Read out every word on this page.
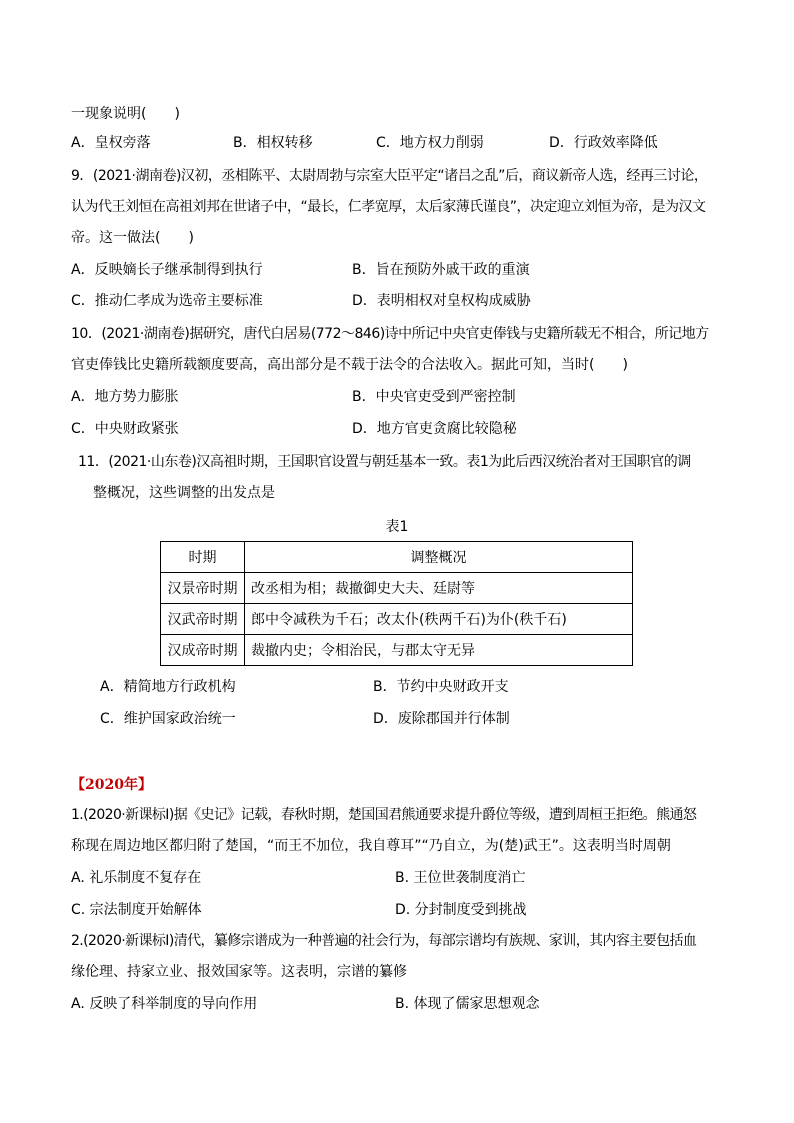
一现象说明(　　)
A．皇权旁落	B．相权转移	C．地方权力削弱	D．行政效率降低
9．(2021·湖南卷)汉初，丞相陈平、太尉周勃与宗室大臣平定“诸吕之乱”后，商议新帝人选，经再三讨论，
认为代王刘恒在高祖刘邦在世诸子中，“最长，仁孝宽厚，太后家薄氏谨良”，决定迎立刘恒为帝，是为汉文
帝。这一做法(　　)
A．反映嫡长子继承制得到执行	B．旨在预防外戚干政的重演
C．推动仁孝成为选帝主要标准	D．表明相权对皇权构成威胁
10．(2021·湖南卷)据研究，唐代白居易(772～846)诗中所记中央官吏俸钱与史籍所载无不相合，所记地方
官吏俸钱比史籍所载额度要高，高出部分是不载于法令的合法收入。据此可知，当时(　　)
A．地方势力膨胀	B．中央官吏受到严密控制
C．中央财政紧张	D．地方官吏贪腐比较隐秘
11．(2021·山东卷)汉高祖时期，王国职官设置与朝廷基本一致。表1为此后西汉统治者对王国职官的调
整概况，这些调整的出发点是
表1
时期	调整概况
汉景帝时期	改丞相为相；裁撤御史大夫、廷尉等
汉武帝时期	郎中令减秩为千石；改太仆(秩两千石)为仆(秩千石)
汉成帝时期	裁撤内史；令相治民，与郡太守无异
A．精简地方行政机构	B．节约中央财政开支
C．维护国家政治统一	D．废除郡国并行体制
【2020年】
1.(2020·新课标I)据《史记》记载，春秋时期，楚国国君熊通要求提升爵位等级，遭到周桓王拒绝。熊通怒
称现在周边地区都归附了楚国，“而王不加位，我自尊耳”“乃自立，为(楚)武王”。这表明当时周朝
A. 礼乐制度不复存在	B. 王位世袭制度消亡
C. 宗法制度开始解体	D. 分封制度受到挑战
2.(2020·新课标I)清代，纂修宗谱成为一种普遍的社会行为，每部宗谱均有族规、家训，其内容主要包括血
缘伦理、持家立业、报效国家等。这表明，宗谱的纂修
A. 反映了科举制度的导向作用	B. 体现了儒家思想观念
